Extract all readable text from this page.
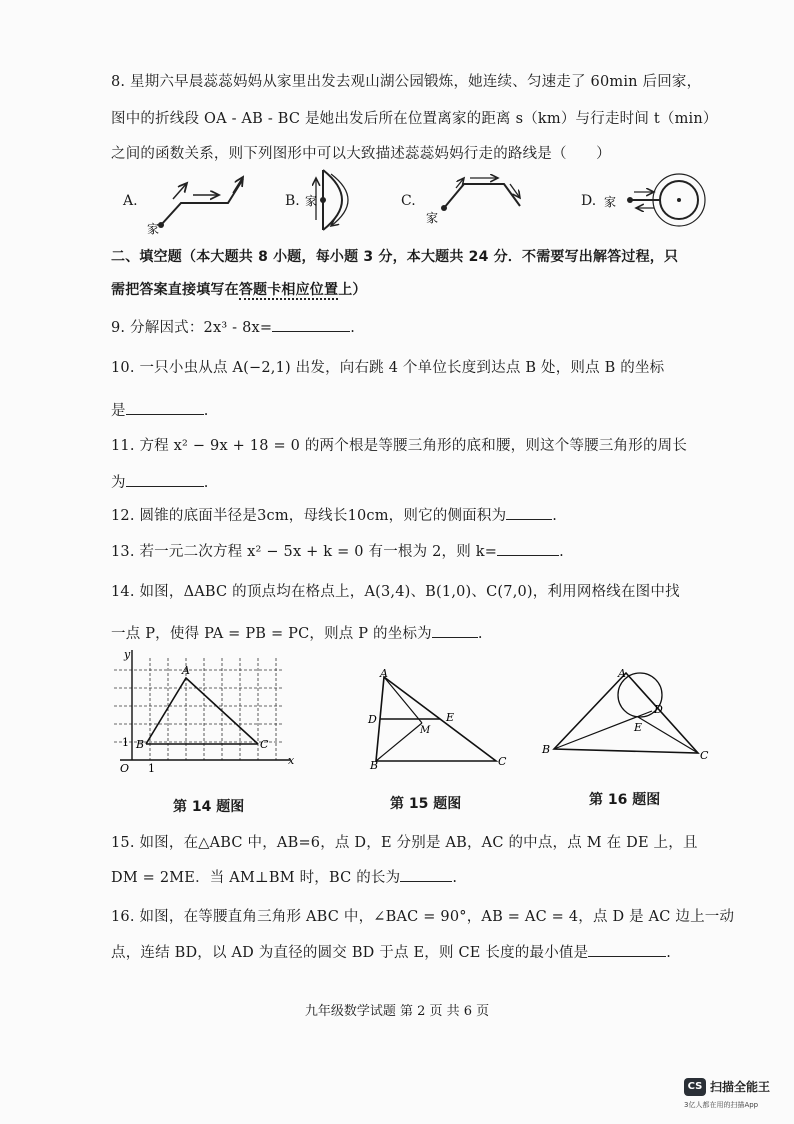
8. 星期六早晨蕊蕊妈妈从家里出发去观山湖公园锻炼，她连续、匀速走了 60min 后回家，
图中的折线段 OA - AB - BC 是她出发后所在位置离家的距离 s（km）与行走时间 t（min）
之间的函数关系，则下列图形中可以大致描述蕊蕊妈妈行走的路线是（　　）
A.	B.	C.	D.
家
家
家
家
二、填空题（本大题共 8 小题，每小题 3 分，本大题共 24 分．不需要写出解答过程，只
需把答案直接填写在答题卡相应位置上）
9. 分解因式：2x³ - 8x=	.
10. 一只小虫从点 A(−2,1) 出发，向右跳 4 个单位长度到达点 B 处，则点 B 的坐标
是	.
11. 方程 x² − 9x + 18 = 0 的两个根是等腰三角形的底和腰，则这个等腰三角形的周长
为	.
12. 圆锥的底面半径是3cm，母线长10cm，则它的侧面积为	.
13. 若一元二次方程 x² − 5x + k = 0 有一根为 2，则 k=	.
14. 如图，ΔABC 的顶点均在格点上，A(3,4)、B(1,0)、C(7,0)，利用网格线在图中找
一点 P，使得 PA = PB = PC，则点 P 的坐标为	.
y
A
B	C
O 1
1
x
A
D	E
M
B	C
A
D
E
B	C
第 14 题图	第 15 题图	第 16 题图
15. 如图，在△ABC 中，AB=6，点 D，E 分别是 AB，AC 的中点，点 M 在 DE 上，且
DM = 2ME．当 AM⊥BM 时，BC 的长为	.
16. 如图，在等腰直角三角形 ABC 中，∠BAC = 90°，AB = AC = 4，点 D 是 AC 边上一动
点，连结 BD，以 AD 为直径的圆交 BD 于点 E，则 CE 长度的最小值是	.
九年级数学试题 第 2 页 共 6 页
CS 扫描全能王
3亿人都在用的扫描App
